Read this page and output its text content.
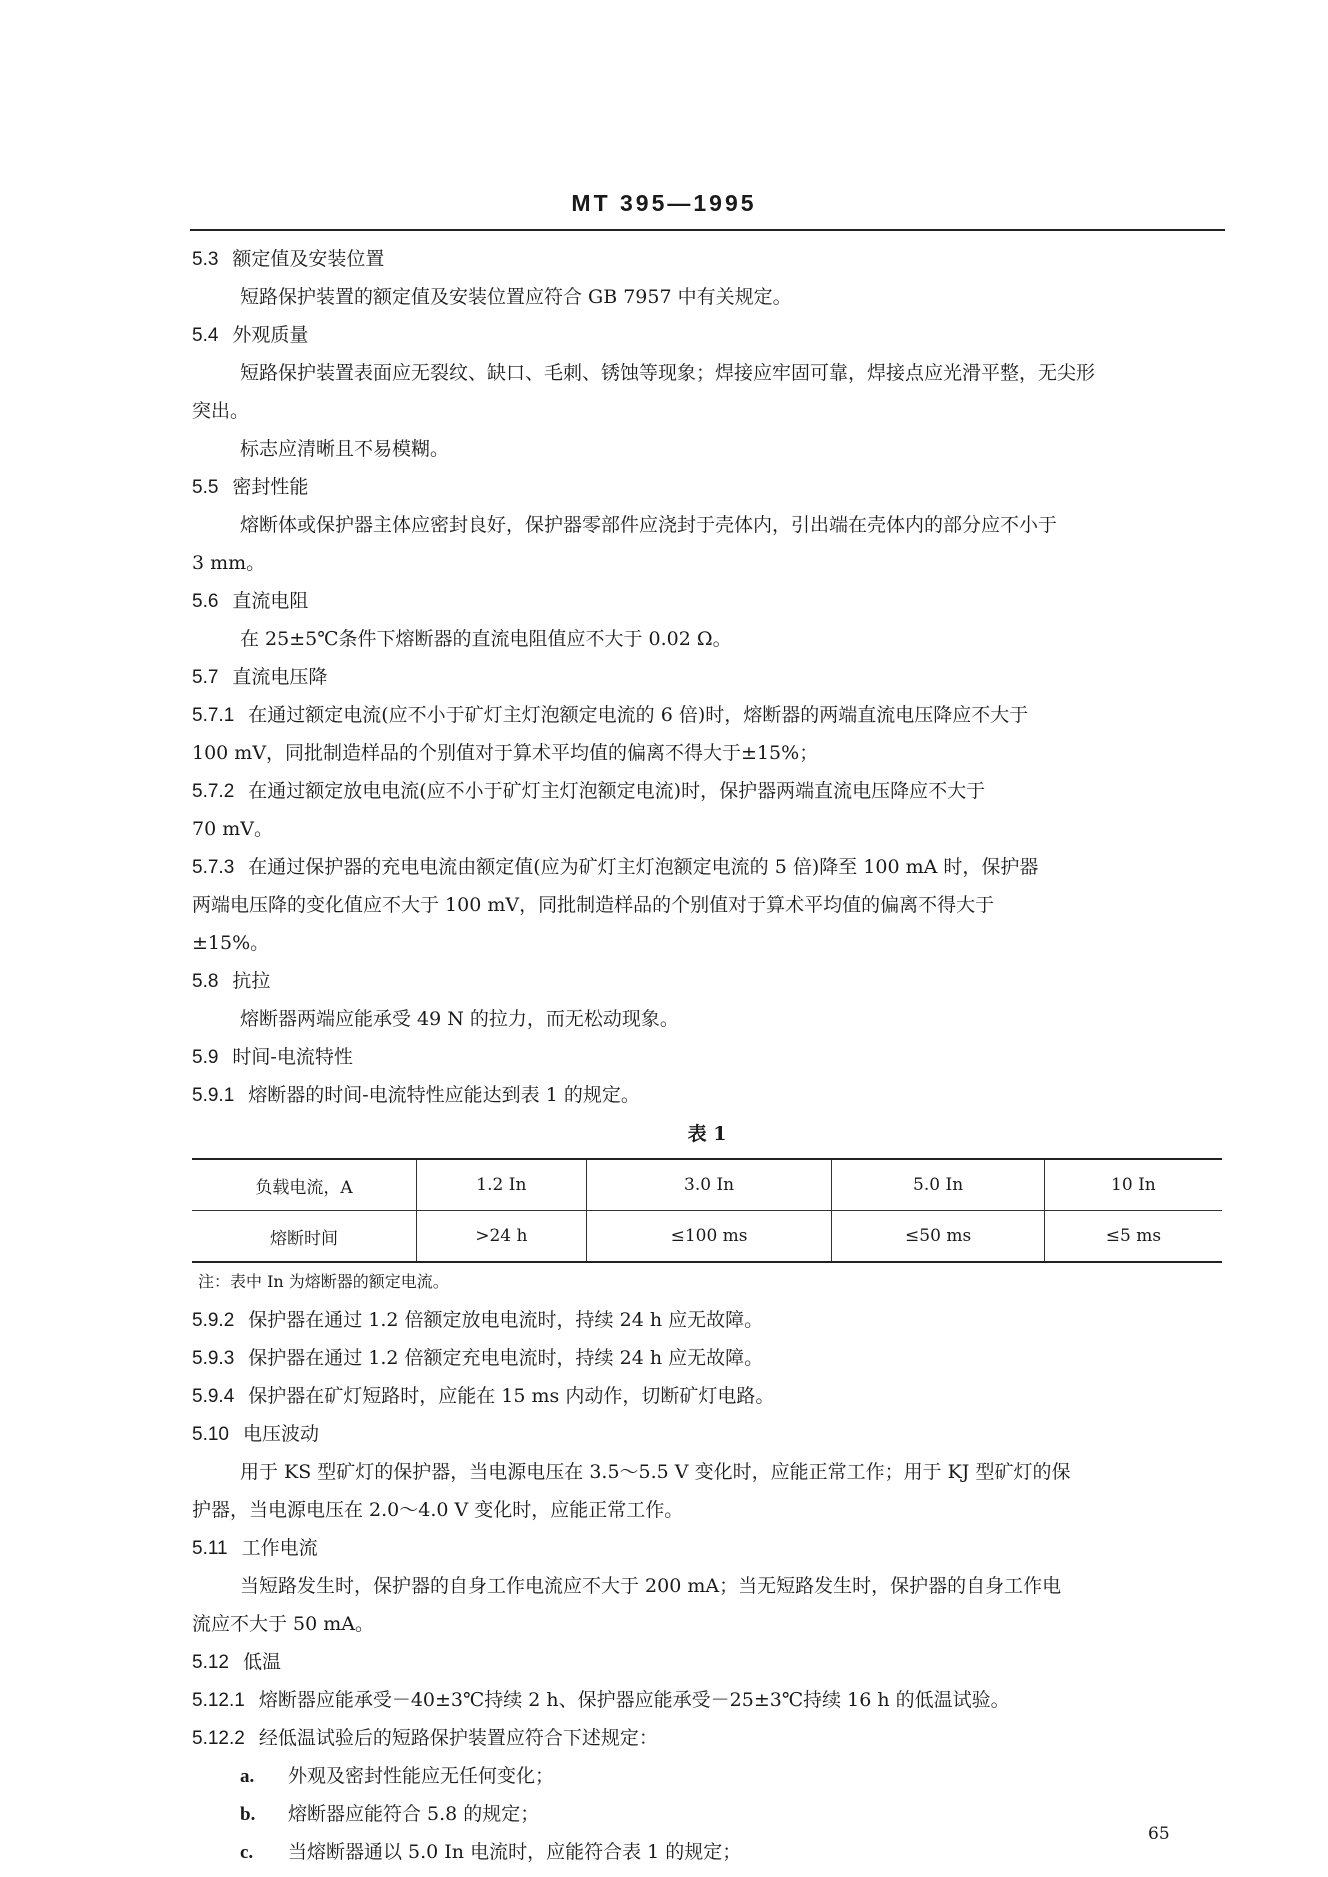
MT 395—1995
5.3 额定值及安装位置
短路保护装置的额定值及安装位置应符合 GB 7957 中有关规定。
5.4 外观质量
短路保护装置表面应无裂纹、缺口、毛刺、锈蚀等现象；焊接应牢固可靠，焊接点应光滑平整，无尖形
突出。
标志应清晰且不易模糊。
5.5 密封性能
熔断体或保护器主体应密封良好，保护器零部件应浇封于壳体内，引出端在壳体内的部分应不小于
3 mm。
5.6 直流电阻
在 25±5℃条件下熔断器的直流电阻值应不大于 0.02 Ω。
5.7 直流电压降
5.7.1 在通过额定电流(应不小于矿灯主灯泡额定电流的 6 倍)时，熔断器的两端直流电压降应不大于
100 mV，同批制造样品的个别值对于算术平均值的偏离不得大于±15%；
5.7.2 在通过额定放电电流(应不小于矿灯主灯泡额定电流)时，保护器两端直流电压降应不大于
70 mV。
5.7.3 在通过保护器的充电电流由额定值(应为矿灯主灯泡额定电流的 5 倍)降至 100 mA 时，保护器
两端电压降的变化值应不大于 100 mV，同批制造样品的个别值对于算术平均值的偏离不得大于
±15%。
5.8 抗拉
熔断器两端应能承受 49 N 的拉力，而无松动现象。
5.9 时间-电流特性
5.9.1 熔断器的时间-电流特性应能达到表 1 的规定。
表 1
负载电流，A	1.2 In	3.0 In	5.0 In	10 In
熔断时间	>24 h	≤100 ms	≤50 ms	≤5 ms
注：表中 In 为熔断器的额定电流。
5.9.2 保护器在通过 1.2 倍额定放电电流时，持续 24 h 应无故障。
5.9.3 保护器在通过 1.2 倍额定充电电流时，持续 24 h 应无故障。
5.9.4 保护器在矿灯短路时，应能在 15 ms 内动作，切断矿灯电路。
5.10 电压波动
用于 KS 型矿灯的保护器，当电源电压在 3.5～5.5 V 变化时，应能正常工作；用于 KJ 型矿灯的保
护器，当电源电压在 2.0～4.0 V 变化时，应能正常工作。
5.11 工作电流
当短路发生时，保护器的自身工作电流应不大于 200 mA；当无短路发生时，保护器的自身工作电
流应不大于 50 mA。
5.12 低温
5.12.1 熔断器应能承受－40±3℃持续 2 h、保护器应能承受－25±3℃持续 16 h 的低温试验。
5.12.2 经低温试验后的短路保护装置应符合下述规定：
a. 外观及密封性能应无任何变化；
b. 熔断器应能符合 5.8 的规定；
c. 当熔断器通以 5.0 In 电流时，应能符合表 1 的规定；
65
